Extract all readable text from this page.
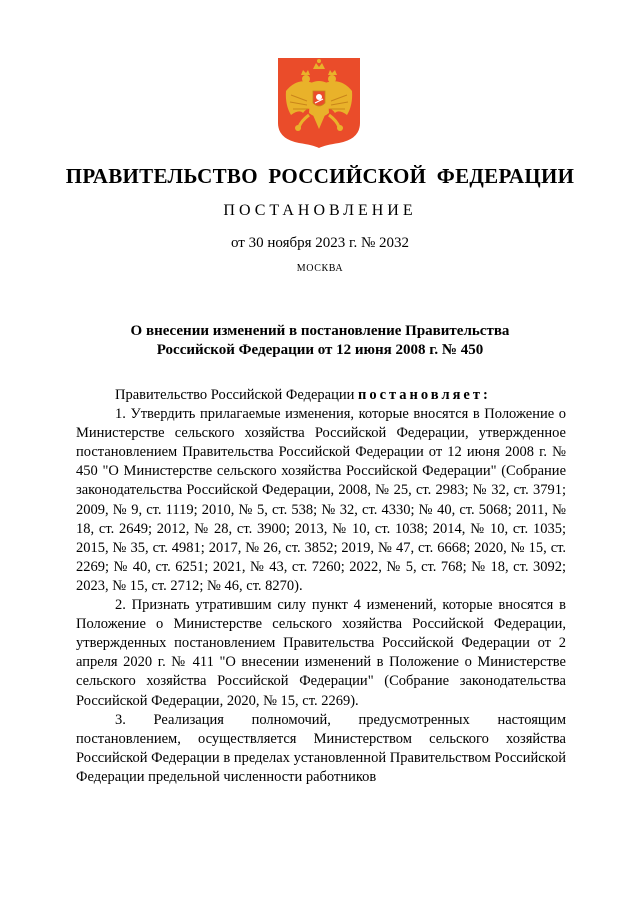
ПРАВИТЕЛЬСТВО РОССИЙСКОЙ ФЕДЕРАЦИИ
ПОСТАНОВЛЕНИЕ
от 30 ноября 2023 г. № 2032
МОСКВА
О внесении изменений в постановление Правительства
Российской Федерации от 12 июня 2008 г. № 450

Правительство Российской Федерации постановляет:

1. Утвердить прилагаемые изменения, которые вносятся в Положение о Министерстве сельского хозяйства Российской Федерации, утвержденное постановлением Правительства Российской Федерации от 12 июня 2008 г. № 450 "О Министерстве сельского хозяйства Российской Федерации" (Собрание законодательства Российской Федерации, 2008, № 25, ст. 2983; № 32, ст. 3791; 2009, № 9, ст. 1119; 2010, № 5, ст. 538; № 32, ст. 4330; № 40, ст. 5068; 2011, № 18, ст. 2649; 2012, № 28, ст. 3900; 2013, № 10, ст. 1038; 2014, № 10, ст. 1035; 2015, № 35, ст. 4981; 2017, № 26, ст. 3852; 2019, № 47, ст. 6668; 2020, № 15, ст. 2269; № 40, ст. 6251; 2021, № 43, ст. 7260; 2022, № 5, ст. 768; № 18, ст. 3092; 2023, № 15, ст. 2712; № 46, ст. 8270).

2. Признать утратившим силу пункт 4 изменений, которые вносятся в Положение о Министерстве сельского хозяйства Российской Федерации, утвержденных постановлением Правительства Российской Федерации от 2 апреля 2020 г. № 411 "О внесении изменений в Положение о Министерстве сельского хозяйства Российской Федерации" (Собрание законодательства Российской Федерации, 2020, № 15, ст. 2269).

3. Реализация полномочий, предусмотренных настоящим постановлением, осуществляется Министерством сельского хозяйства Российской Федерации в пределах установленной Правительством Российской Федерации предельной численности работников
